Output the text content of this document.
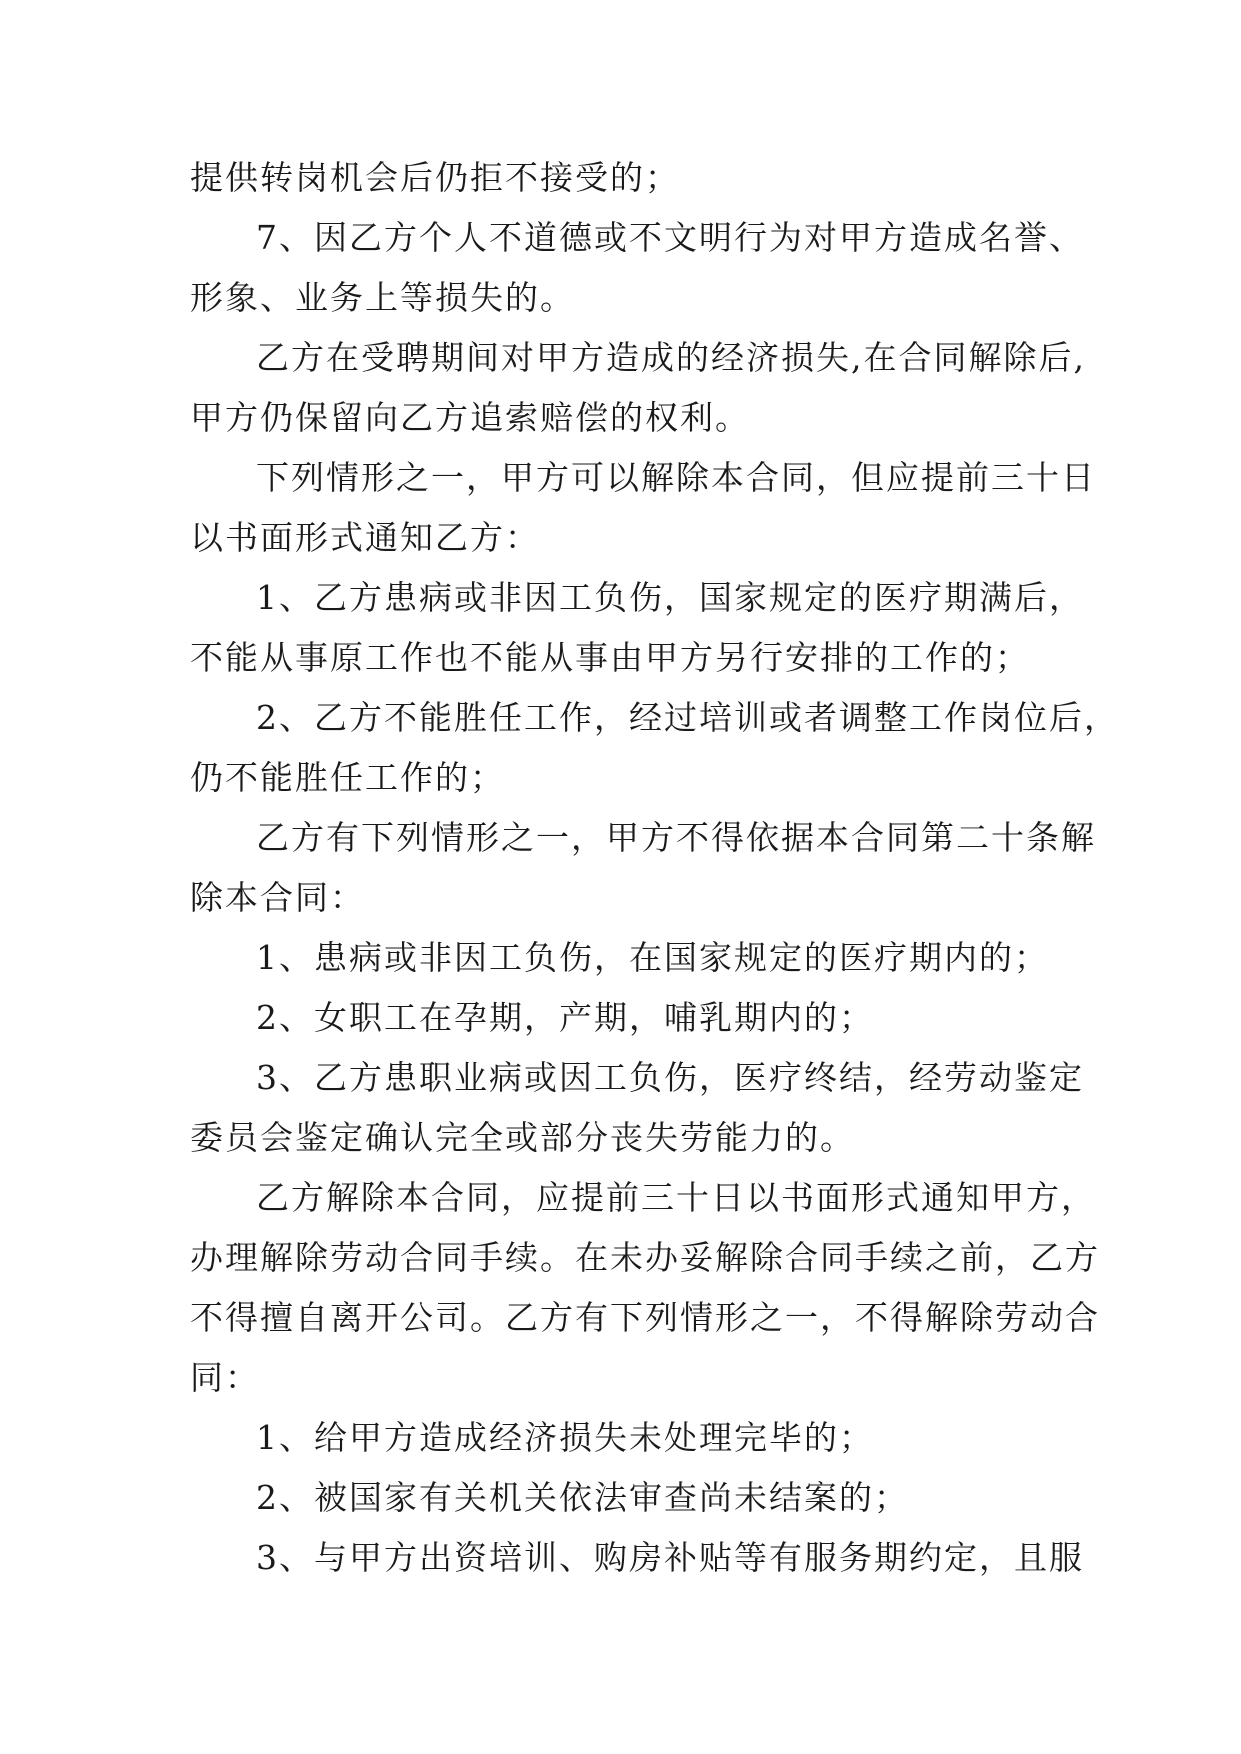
提供转岗机会后仍拒不接受的；
7、因乙方个人不道德或不文明行为对甲方造成名誉、
形象、业务上等损失的。
乙方在受聘期间对甲方造成的经济损失,在合同解除后,
甲方仍保留向乙方追索赔偿的权利。
下列情形之一，甲方可以解除本合同，但应提前三十日
以书面形式通知乙方：
1、乙方患病或非因工负伤，国家规定的医疗期满后，
不能从事原工作也不能从事由甲方另行安排的工作的；
2、乙方不能胜任工作，经过培训或者调整工作岗位后，
仍不能胜任工作的；
乙方有下列情形之一，甲方不得依据本合同第二十条解
除本合同：
1、患病或非因工负伤，在国家规定的医疗期内的；
2、女职工在孕期，产期，哺乳期内的；
3、乙方患职业病或因工负伤，医疗终结，经劳动鉴定
委员会鉴定确认完全或部分丧失劳能力的。
乙方解除本合同，应提前三十日以书面形式通知甲方，
办理解除劳动合同手续。在未办妥解除合同手续之前，乙方
不得擅自离开公司。乙方有下列情形之一，不得解除劳动合
同：
1、给甲方造成经济损失未处理完毕的；
2、被国家有关机关依法审查尚未结案的；
3、与甲方出资培训、购房补贴等有服务期约定，且服
